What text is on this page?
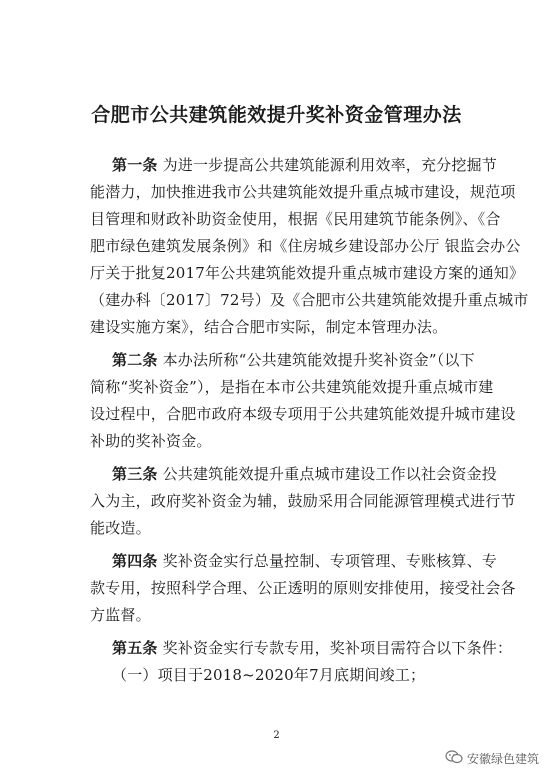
合肥市公共建筑能效提升奖补资金管理办法
第一条 为进一步提高公共建筑能源利用效率，充分挖掘节
能潜力，加快推进我市公共建筑能效提升重点城市建设，规范项
目管理和财政补助资金使用，根据《民用建筑节能条例》、《合
肥市绿色建筑发展条例》和《住房城乡建设部办公厅 银监会办公
厅关于批复2017年公共建筑能效提升重点城市建设方案的通知》
（建办科〔2017〕72号）及《合肥市公共建筑能效提升重点城市
建设实施方案》，结合合肥市实际，制定本管理办法。
第二条 本办法所称“公共建筑能效提升奖补资金”（以下
简称“奖补资金”），是指在本市公共建筑能效提升重点城市建
设过程中，合肥市政府本级专项用于公共建筑能效提升城市建设
补助的奖补资金。
第三条 公共建筑能效提升重点城市建设工作以社会资金投
入为主，政府奖补资金为辅，鼓励采用合同能源管理模式进行节
能改造。
第四条 奖补资金实行总量控制、专项管理、专账核算、专
款专用，按照科学合理、公正透明的原则安排使用，接受社会各
方监督。
第五条 奖补资金实行专款专用，奖补项目需符合以下条件：
（一）项目于2018~2020年7月底期间竣工；
2
安徽绿色建筑
